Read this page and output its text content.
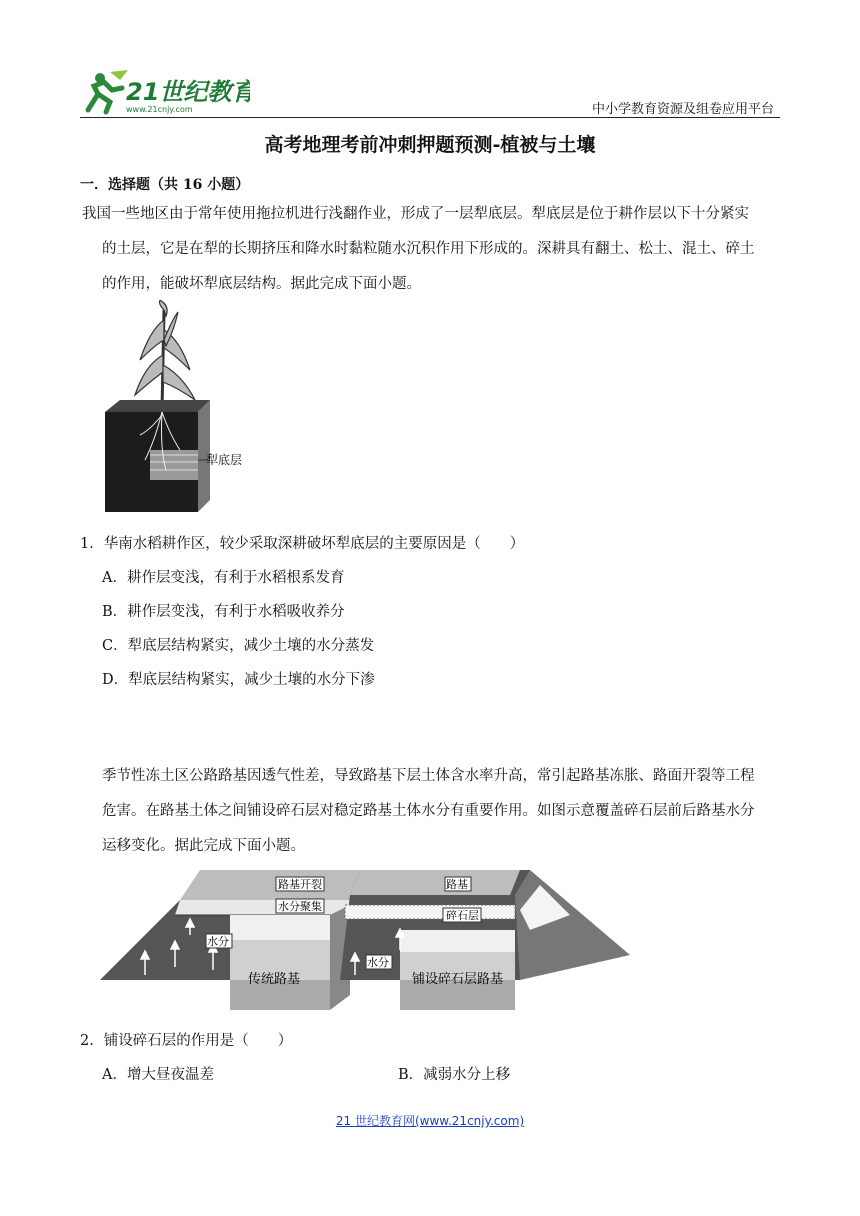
21世纪教育
www.21cnjy.com	中小学教育资源及组卷应用平台
高考地理考前冲刺押题预测-植被与土壤
一．选择题（共 16 小题）
我国一些地区由于常年使用拖拉机进行浅翻作业，形成了一层犁底层。犁底层是位于耕作层以下十分紧实
的土层，它是在犁的长期挤压和降水时黏粒随水沉积作用下形成的。深耕具有翻土、松土、混土、碎土
的作用，能破坏犁底层结构。据此完成下面小题。
犁底层
1．华南水稻耕作区，较少采取深耕破坏犁底层的主要原因是（　　）
A．耕作层变浅，有利于水稻根系发育
B．耕作层变浅，有利于水稻吸收养分
C．犁底层结构紧实，减少土壤的水分蒸发
D．犁底层结构紧实，减少土壤的水分下渗
季节性冻土区公路路基因透气性差，导致路基下层土体含水率升高，常引起路基冻胀、路面开裂等工程
危害。在路基土体之间铺设碎石层对稳定路基土体水分有重要作用。如图示意覆盖碎石层前后路基水分
运移变化。据此完成下面小题。
路基开裂
水分聚集
水分
传统路基
路基
碎石层
水分
铺设碎石层路基
2．铺设碎石层的作用是（　　）
A．增大昼夜温差	B．减弱水分上移
21 世纪教育网(www.21cnjy.com)
